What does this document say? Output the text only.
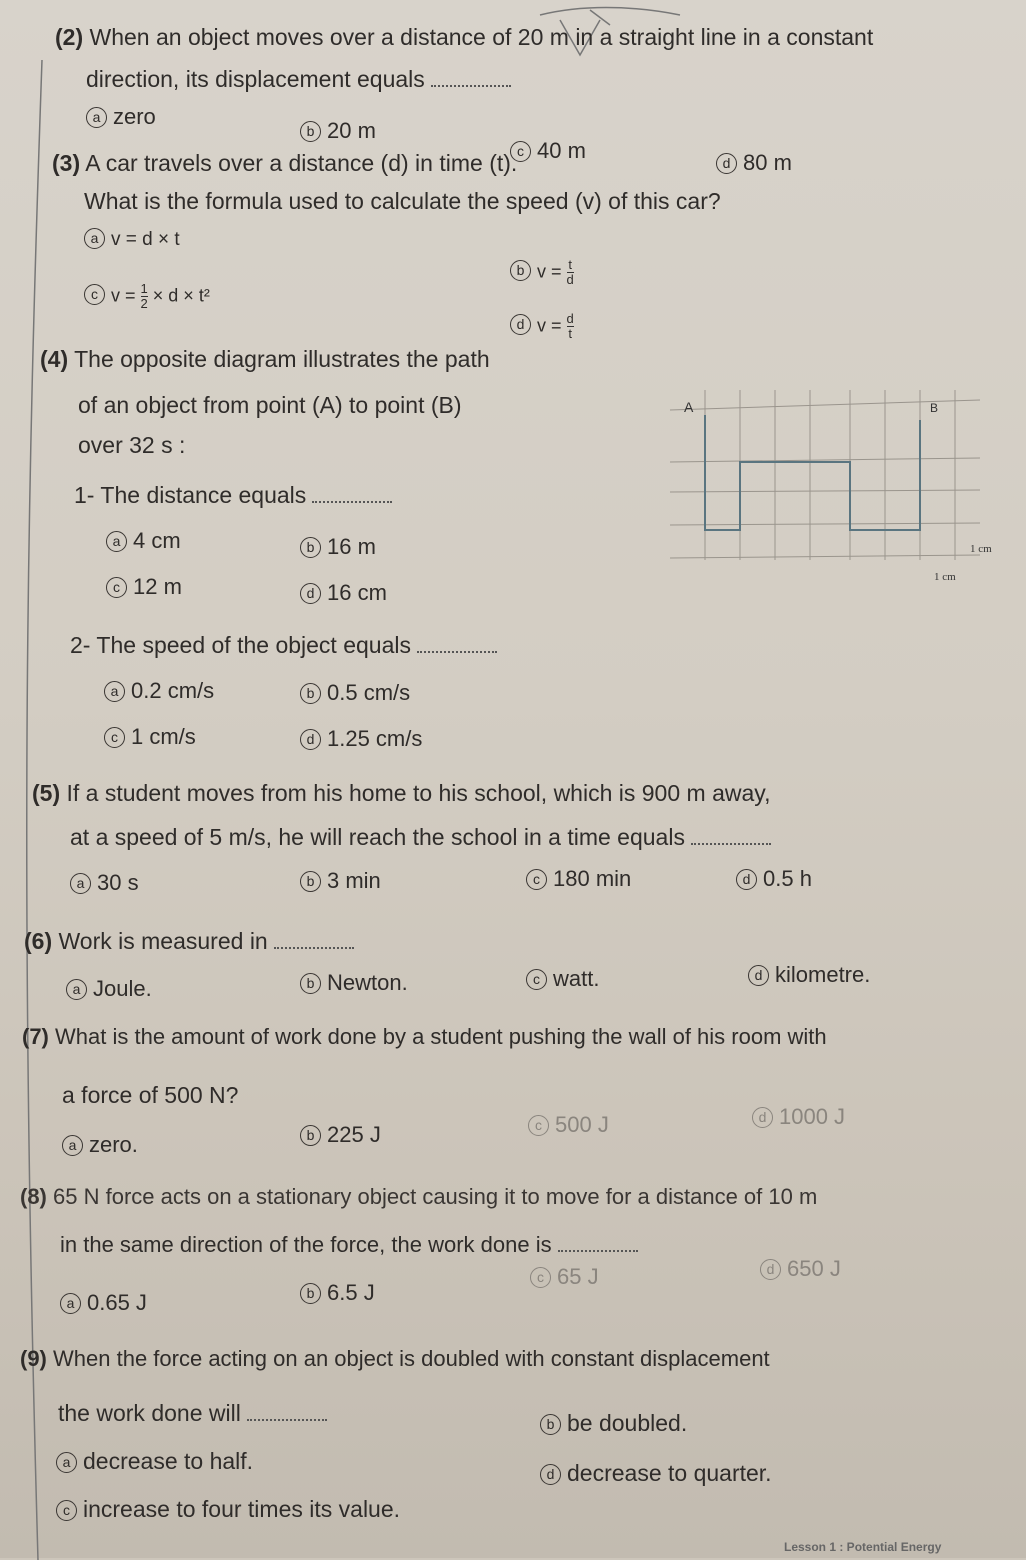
(2) When an object moves over a distance of 20 m in a straight line in a constant
direction, its displacement equals
a zero
b 20 m
c 40 m	d 80 m
(3) A car travels over a distance (d) in time (t).
What is the formula used to calculate the speed (v) of this car?
a v = d × t
b $v = \frac{t}{d}$
c $v = \frac{1}{2} \times d \times t^2$
d $v = \frac{d}{t}$
(4) The opposite diagram illustrates the path
of an object from point (A) to point (B)
over 32 s :
1- The distance equals
a 4 cm	b 16 m
c 12 m	d 16 cm
2- The speed of the object equals
a 0.2 cm/s	b 0.5 cm/s
c 1 cm/s	d 1.25 cm/s
A	B
1 cm
1 cm
(5) If a student moves from his home to his school, which is 900 m away,
at a speed of 5 m/s, he will reach the school in a time equals
a 30 s	b 3 min	c 180 min	d 0.5 h
(6) Work is measured in
a Joule.	b Newton.	c watt.	d kilometre.
(7) What is the amount of work done by a student pushing the wall of his room with
a force of 500 N?
a zero.	b 225 J	c 500 J	d 1000 J
(8) 65 N force acts on a stationary object causing it to move for a distance of 10 m
in the same direction of the force, the work done is
a 0.65 J	b 6.5 J
c 65 J	d 650 J
(9) When the force acting on an object is doubled with constant displacement
the work done will
a decrease to half.
b be doubled.
c increase to four times its value.
d decrease to quarter.
Lesson 1 : Potential Energy
